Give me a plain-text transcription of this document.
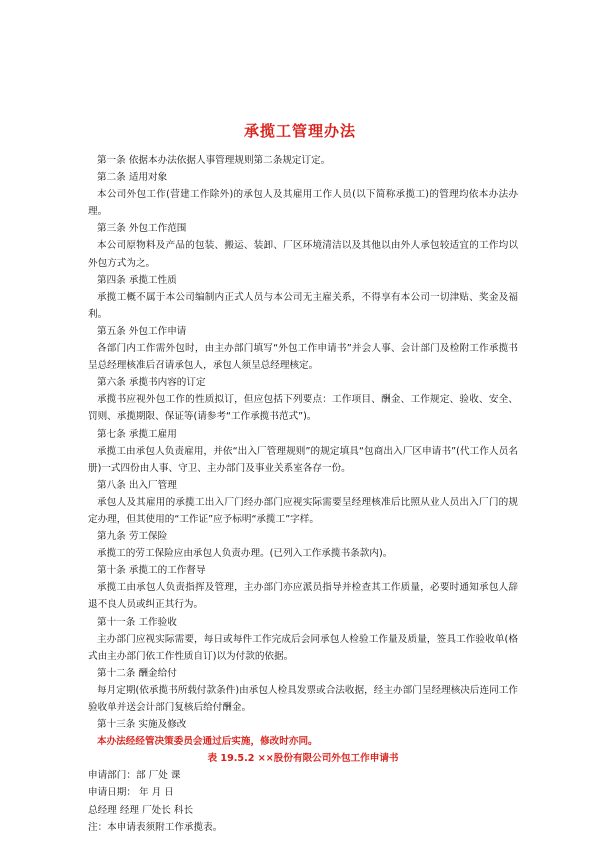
承揽工管理办法
第一条 依据本办法依据人事管理规则第二条规定订定。
第二条 适用对象
本公司外包工作(营建工作除外)的承包人及其雇用工作人员(以下简称承揽工)的管理均依本办法办理。
第三条 外包工作范围
本公司原物料及产品的包装、搬运、装卸、厂区环境清洁以及其他以由外人承包较适宜的工作均以外包方式为之。
第四条 承揽工性质
承揽工概不属于本公司编制内正式人员与本公司无主雇关系，不得享有本公司一切津贴、奖金及福利。
第五条 外包工作申请
各部门内工作需外包时，由主办部门填写“外包工作申请书”并会人事、会计部门及检附工作承揽书呈总经理核准后召请承包人，承包人须呈总经理核定。
第六条 承揽书内容的订定
承揽书应视外包工作的性质拟订，但应包括下列要点：工作项目、酬金、工作规定、验收、安全、罚则、承揽期限、保证等(请参考“工作承揽书范式”)。
第七条 承揽工雇用
承揽工由承包人负责雇用，并依“出入厂管理规则”的规定填具“包商出入厂区申请书”(代工作人员名册)一式四份由人事、守卫、主办部门及事业关系室各存一份。
第八条 出入厂管理
承包人及其雇用的承揽工出入厂门经办部门应视实际需要呈经理核准后比照从业人员出入厂门的规定办理，但其使用的“工作证”应予标明“承揽工”字样。
第九条 劳工保险
承揽工的劳工保险应由承包人负责办理。(已列入工作承揽书条款内)。
第十条 承揽工的工作督导
承揽工由承包人负责指挥及管理，主办部门亦应派员指导并检查其工作质量，必要时通知承包人辞退不良人员或纠正其行为。
第十一条 工作验收
主办部门应视实际需要，每日或每件工作完成后会同承包人检验工作量及质量，签具工作验收单(格式由主办部门依工作性质自订)以为付款的依据。
第十二条 酬金给付
每月定期(依承揽书所载付款条件)由承包人检具发票或合法收据，经主办部门呈经理核决后连同工作验收单并送会计部门复核后给付酬金。
第十三条 实施及修改
本办法经经管决策委员会通过后实施，修改时亦同。
表 19.5.2 ××股份有限公司外包工作申请书
申请部门：部 厂处 课
申请日期： 年 月 日
总经理 经理 厂处长 科长
注：本申请表须附工作承揽表。
